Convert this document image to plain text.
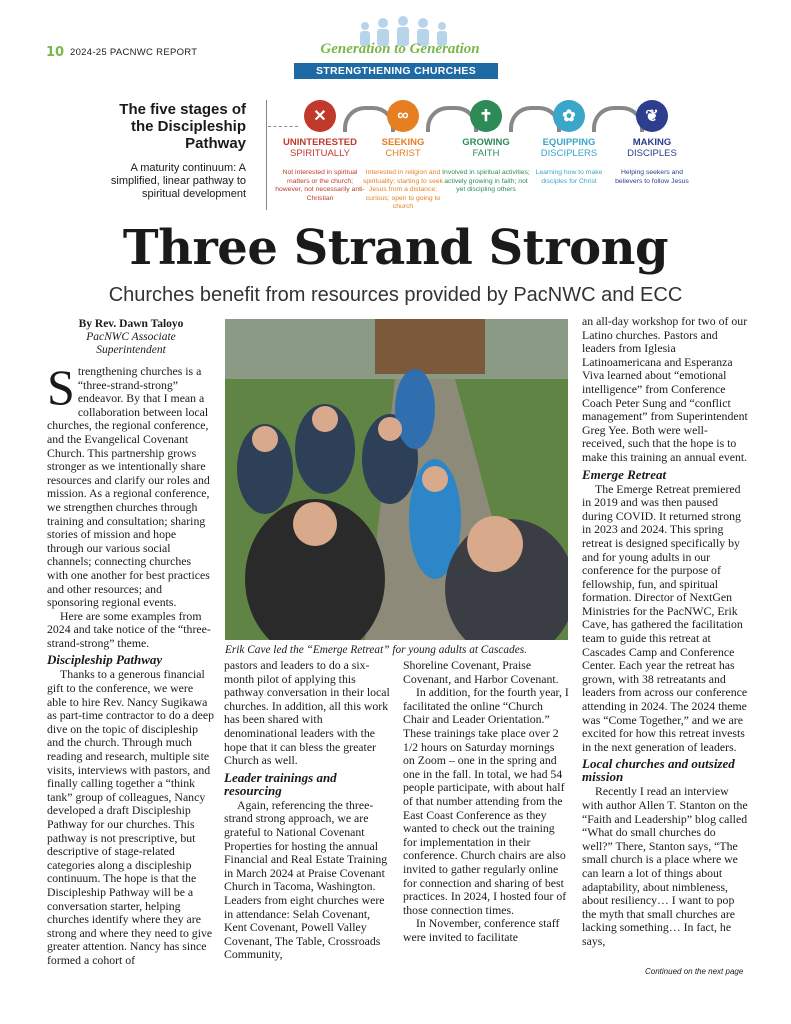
10 2024-25 PACNWC REPORT	Generation to Generation
STRENGTHENING CHURCHES
The five stages of the Discipleship Pathway
A maturity continuum: A simplified, linear pathway to spiritual development
✕
UNINTERESTED
SPIRITUALLY
Not interested in spiritual matters or the church; however, not necessarily anti-Christian
∞
SEEKING
CHRIST
Interested in religion and spirituality; starting to seek Jesus from a distance; curious; open to going to church
✝
GROWING
FAITH
Involved in spiritual activities; actively growing in faith; not yet discipling others
✿
EQUIPPING
DISCIPLERS
Learning how to make disciples for Christ
❦
MAKING
DISCIPLES
Helping seekers and believers to follow Jesus
Three Strand Strong
Churches benefit from resources provided by PacNWC and ECC
By Rev. Dawn Taloyo
PacNWC Associate
Superintendent

Strengthening churches is a “three-strand-strong” endeavor. By that I mean a collaboration between local churches, the regional conference, and the Evangelical Covenant Church. This partnership grows stronger as we intentionally share resources and clarify our roles and mission. As a regional conference, we strengthen churches through training and consultation; sharing stories of mission and hope through our various social channels; connecting churches with one another for best practices and other resources; and sponsoring regional events.

Here are some examples from 2024 and take notice of the “three-strand-strong” theme.

Discipleship Pathway

Thanks to a generous financial gift to the conference, we were able to hire Rev. Nancy Sugikawa as part-time contractor to do a deep dive on the topic of discipleship and the church. Through much reading and research, multiple site visits, interviews with pastors, and finally calling together a “think tank” group of colleagues, Nancy developed a draft Discipleship Pathway for our churches. This pathway is not prescriptive, but descriptive of stage-related categories along a discipleship continuum. The hope is that the Discipleship Pathway will be a conversation starter, helping churches identify where they are strong and where they need to give greater attention. Nancy has since formed a cohort of

Erik Cave led the “Emerge Retreat” for young adults at Cascades.

pastors and leaders to do a six-month pilot of applying this pathway conversation in their local churches. In addition, all this work has been shared with denominational leaders with the hope that it can bless the greater Church as well.

Leader trainings and resourcing

Again, referencing the three-strand strong approach, we are grateful to National Covenant Properties for hosting the annual Financial and Real Estate Training in March 2024 at Praise Covenant Church in Tacoma, Washington. Leaders from eight churches were in attendance: Selah Covenant, Kent Covenant, Powell Valley Covenant, The Table, Crossroads Community,

Shoreline Covenant, Praise Covenant, and Harbor Covenant.

In addition, for the fourth year, I facilitated the online “Church Chair and Leader Orientation.” These trainings take place over 2 1/2 hours on Saturday mornings on Zoom – one in the spring and one in the fall. In total, we had 54 people participate, with about half of that number attending from the East Coast Conference as they wanted to check out the training for implementation in their conference. Church chairs are also invited to gather regularly online for connection and sharing of best practices. In 2024, I hosted four of those connection times.

In November, conference staff were invited to facilitate

an all-day workshop for two of our Latino churches. Pastors and leaders from Iglesia Latinoamericana and Esperanza Viva learned about “emotional intelligence” from Conference Coach Peter Sung and “conflict management” from Superintendent Greg Yee. Both were well-received, such that the hope is to make this training an annual event.

Emerge Retreat

The Emerge Retreat premiered in 2019 and was then paused during COVID. It returned strong in 2023 and 2024. This spring retreat is designed specifically by and for young adults in our conference for the purpose of fellowship, fun, and spiritual formation. Director of NextGen Ministries for the PacNWC, Erik Cave, has gathered the facilitation team to guide this retreat at Cascades Camp and Conference Center. Each year the retreat has grown, with 38 retreatants and leaders from across our conference attending in 2024. The 2024 theme was “Come Together,” and we are excited for how this retreat invests in the next generation of leaders.

Local churches and outsized mission

Recently I read an interview with author Allen T. Stanton on the “Faith and Leadership” blog called “What do small churches do well?” There, Stanton says, “The small church is a place where we can learn a lot of things about adaptability, about nimbleness, about resiliency… I want to pop the myth that small churches are lacking something… In fact, he says,

Continued on the next page
